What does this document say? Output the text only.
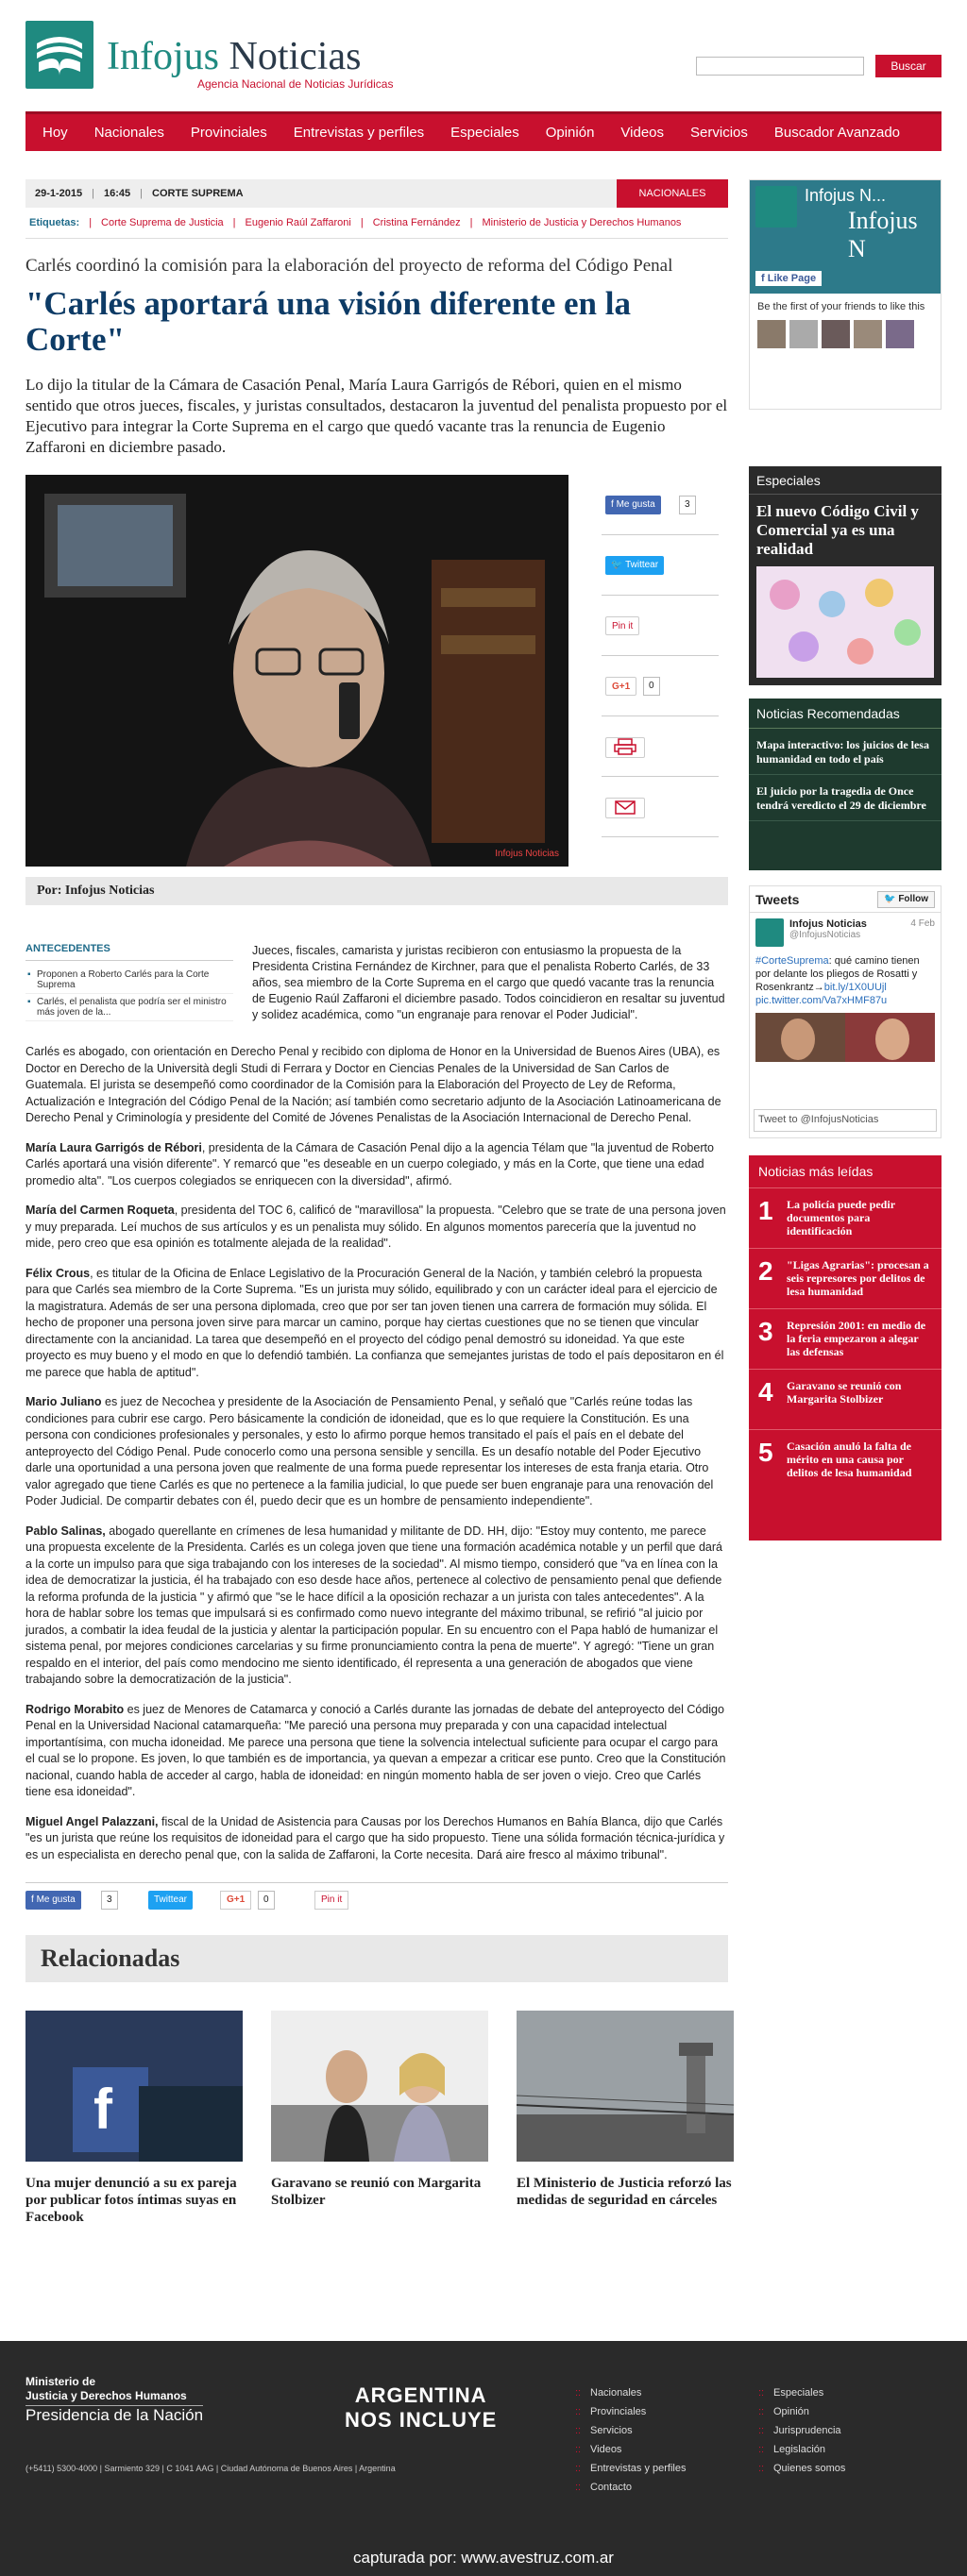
Infojus Noticias
Agencia Nacional de Noticias Jurídicas
Buscar
Hoy	Nacionales	Provinciales	Entrevistas y perfiles	Especiales	Opinión	Videos	Servicios	Buscador Avanzado
29-1-2015 | 16:45 | CORTE SUPREMA	NACIONALES
Etiquetas: | Corte Suprema de Justicia | Eugenio Raúl Zaffaroni | Cristina Fernández | Ministerio de Justicia y Derechos Humanos
Carlés coordinó la comisión para la elaboración del proyecto de reforma del Código Penal
"Carlés aportará una visión diferente en la Corte"

Lo dijo la titular de la Cámara de Casación Penal, María Laura Garrigós de Rébori, quien en el mismo sentido que otros jueces, fiscales, y juristas consultados, destacaron la juventud del penalista propuesto por el Ejecutivo para integrar la Corte Suprema en el cargo que quedó vacante tras la renuncia de Eugenio Zaffaroni en diciembre pasado.

Infojus Noticias
f Me gusta	3
🐦 Twittear
Pin it
G+1	0
Por: Infojus Noticias
ANTECEDENTES
▪ Proponen a Roberto Carlés para la Corte Suprema
▪ Carlés, el penalista que podría ser el ministro más joven de la...

Jueces, fiscales, camarista y juristas recibieron con entusiasmo la propuesta de la Presidenta Cristina Fernández de Kirchner, para que el penalista Roberto Carlés, de 33 años, sea miembro de la Corte Suprema en el cargo que quedó vacante tras la renuncia de Eugenio Raúl Zaffaroni el diciembre pasado. Todos coincidieron en resaltar su juventud y solidez académica, como "un engranaje para renovar el Poder Judicial".

Carlés es abogado, con orientación en Derecho Penal y recibido con diploma de Honor en la Universidad de Buenos Aires (UBA), es Doctor en Derecho de la Università degli Studi di Ferrara y Doctor en Ciencias Penales de la Universidad de San Carlos de Guatemala. El jurista se desempeñó como coordinador de la Comisión para la Elaboración del Proyecto de Ley de Reforma, Actualización e Integración del Código Penal de la Nación; así también como secretario adjunto de la Asociación Latinoamericana de Derecho Penal y Criminología y presidente del Comité de Jóvenes Penalistas de la Asociación Internacional de Derecho Penal.

María Laura Garrigós de Rébori, presidenta de la Cámara de Casación Penal dijo a la agencia Télam que "la juventud de Roberto Carlés aportará una visión diferente". Y remarcó que "es deseable en un cuerpo colegiado, y más en la Corte, que tiene una edad promedio alta". "Los cuerpos colegiados se enriquecen con la diversidad", afirmó.

María del Carmen Roqueta, presidenta del TOC 6, calificó de "maravillosa" la propuesta. "Celebro que se trate de una persona joven y muy preparada. Leí muchos de sus artículos y es un penalista muy sólido. En algunos momentos parecería que la juventud no mide, pero creo que esa opinión es totalmente alejada de la realidad".

Félix Crous, es titular de la Oficina de Enlace Legislativo de la Procuración General de la Nación, y también celebró la propuesta para que Carlés sea miembro de la Corte Suprema. "Es un jurista muy sólido, equilibrado y con un carácter ideal para el ejercicio de la magistratura. Además de ser una persona diplomada, creo que por ser tan joven tienen una carrera de formación muy sólida. El hecho de proponer una persona joven sirve para marcar un camino, porque hay ciertas cuestiones que no se tienen que vincular directamente con la ancianidad. La tarea que desempeñó en el proyecto del código penal demostró su idoneidad. Ya que este proyecto es muy bueno y el modo en que lo defendió también. La confianza que semejantes juristas de todo el país depositaron en él me parece que habla de aptitud".

Mario Juliano es juez de Necochea y presidente de la Asociación de Pensamiento Penal, y señaló que "Carlés reúne todas las condiciones para cubrir ese cargo. Pero básicamente la condición de idoneidad, que es lo que requiere la Constitución. Es una persona con condiciones profesionales y personales, y esto lo afirmo porque hemos transitado el país el país en el debate del anteproyecto del Código Penal. Pude conocerlo como una persona sensible y sencilla. Es un desafío notable del Poder Ejecutivo darle una oportunidad a una persona joven que realmente de una forma puede representar los intereses de esta franja etaria. Otro valor agregado que tiene Carlés es que no pertenece a la familia judicial, lo que puede ser buen engranaje para una renovación del Poder Judicial. De compartir debates con él, puedo decir que es un hombre de pensamiento independiente".

Pablo Salinas, abogado querellante en crímenes de lesa humanidad y militante de DD. HH, dijo: "Estoy muy contento, me parece una propuesta excelente de la Presidenta. Carlés es un colega joven que tiene una formación académica notable y un perfil que dará a la corte un impulso para que siga trabajando con los intereses de la sociedad". Al mismo tiempo, consideró que "va en línea con la idea de democratizar la justicia, él ha trabajado con eso desde hace años, pertenece al colectivo de pensamiento penal que defiende la reforma profunda de la justicia " y afirmó que "se le hace difícil a la oposición rechazar a un jurista con tales antecedentes". A la hora de hablar sobre los temas que impulsará si es confirmado como nuevo integrante del máximo tribunal, se refirió "al juicio por jurados, a combatir la idea feudal de la justicia y alentar la participación popular. En su encuentro con el Papa habló de humanizar el sistema penal, por mejores condiciones carcelarias y su firme pronunciamiento contra la pena de muerte". Y agregó: "Tiene un gran respaldo en el interior, del país como mendocino me siento identificado, él representa a una generación de abogados que viene trabajando sobre la democratización de la justicia".

Rodrigo Morabito es juez de Menores de Catamarca y conoció a Carlés durante las jornadas de debate del anteproyecto del Código Penal en la Universidad Nacional catamarqueña: "Me pareció una persona muy preparada y con una capacidad intelectual importantísima, con mucha idoneidad. Me parece una persona que tiene la solvencia intelectual suficiente para ocupar el cargo para el cual se lo propone. Es joven, lo que también es de importancia, ya quevan a empezar a criticar ese punto. Creo que la Constitución nacional, cuando habla de acceder al cargo, habla de idoneidad: en ningún momento habla de ser joven o viejo. Creo que Carlés tiene esa idoneidad".

Miguel Angel Palazzani, fiscal de la Unidad de Asistencia para Causas por los Derechos Humanos en Bahía Blanca, dijo que Carlés "es un jurista que reúne los requisitos de idoneidad para el cargo que ha sido propuesto. Tiene una sólida formación técnica-jurídica y es un especialista en derecho penal que, con la salida de Zaffaroni, la Corte necesita. Dará aire fresco al máximo tribunal".

f Me gusta	3	Twittear	G+1	0	Pin it
Relacionadas
f
Una mujer denunció a su ex pareja por publicar fotos íntimas suyas en Facebook
Garavano se reunió con Margarita Stolbizer
El Ministerio de Justicia reforzó las medidas de seguridad en cárceles
Infojus N...
Infojus N
f Like Page
Be the first of your friends to like this
Especiales
El nuevo Código Civil y Comercial ya es una realidad
Noticias Recomendadas
Mapa interactivo: los juicios de lesa humanidad en todo el país
El juicio por la tragedia de Once tendrá veredicto el 29 de diciembre
Tweets	🐦 Follow
Infojus Noticias
@InfojusNoticias
4 Feb
#CorteSuprema: qué camino tienen por delante los pliegos de Rosatti y Rosenkrantz→bit.ly/1X0UUjl
pic.twitter.com/Va7xHMF87u
Tweet to @InfojusNoticias
Noticias más leídas
1 La policía puede pedir documentos para identificación
2 "Ligas Agrarias": procesan a seis represores por delitos de lesa humanidad
3 Represión 2001: en medio de la feria empezaron a alegar las defensas
4 Garavano se reunió con Margarita Stolbizer
5 Casación anuló la falta de mérito en una causa por delitos de lesa humanidad
Ministerio de
Justicia y Derechos Humanos
Presidencia de la Nación
(+5411) 5300-4000 | Sarmiento 329 | C 1041 AAG | Ciudad Autónoma de Buenos Aires | Argentina
ARGENTINA
NOS INCLUYE
:: Nacionales
:: Provinciales
:: Servicios
:: Videos
:: Entrevistas y perfiles
:: Contacto
:: Especiales
:: Opinión
:: Jurisprudencia
:: Legislación
:: Quienes somos
capturada por: www.avestruz.com.ar
